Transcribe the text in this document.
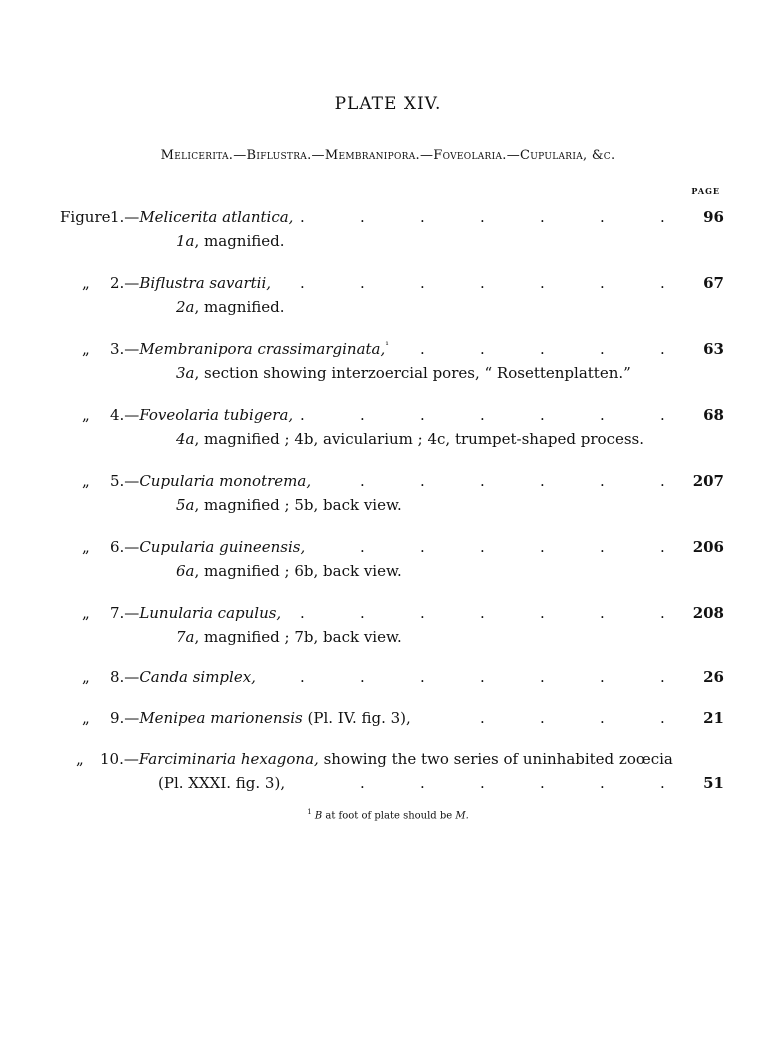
PLATE XIV.
Melicerita.—Biflustra.—Membranipora.—Foveolaria.—Cupularia, &c.
PAGE
Figure 1.—Melicerita atlantica, .	.	.	.	.	.	.	96
1a, magnified.
„ 2.—Biflustra savartii, .	.	.	.	.	.	.	67
2a, magnified.
„ 3.—Membranipora crassimarginata,$^{^1}$ .	.	.	.	.	63
3a, section showing interzoercial pores, “ Rosettenplatten.”
„ 4.—Foveolaria tubigera, .	.	.	.	.	.	.	68
4a, magnified ; 4b, avicularium ; 4c, trumpet-shaped process.
„ 5.—Cupularia monotrema,	.	.	.	.	.	. 207
5a, magnified ; 5b, back view.
„ 6.—Cupularia guineensis,	.	.	.	.	.	. 206
6a, magnified ; 6b, back view.
„ 7.—Lunularia capulus, .	.	.	.	.	.	. 208
7a, magnified ; 7b, back view.
„ 8.—Canda simplex,	.	.	.	.	.	.	.	26
„ 9.—Menipea marionensis (Pl. IV. fig. 3),	.	.	.	.	21
„ 10.—Farciminaria hexagona, showing the two series of uninhabited zoœcia
(Pl. XXXI. fig. 3),	.	.	.	.	.	.	51
$^1$ B at foot of plate should be M.
